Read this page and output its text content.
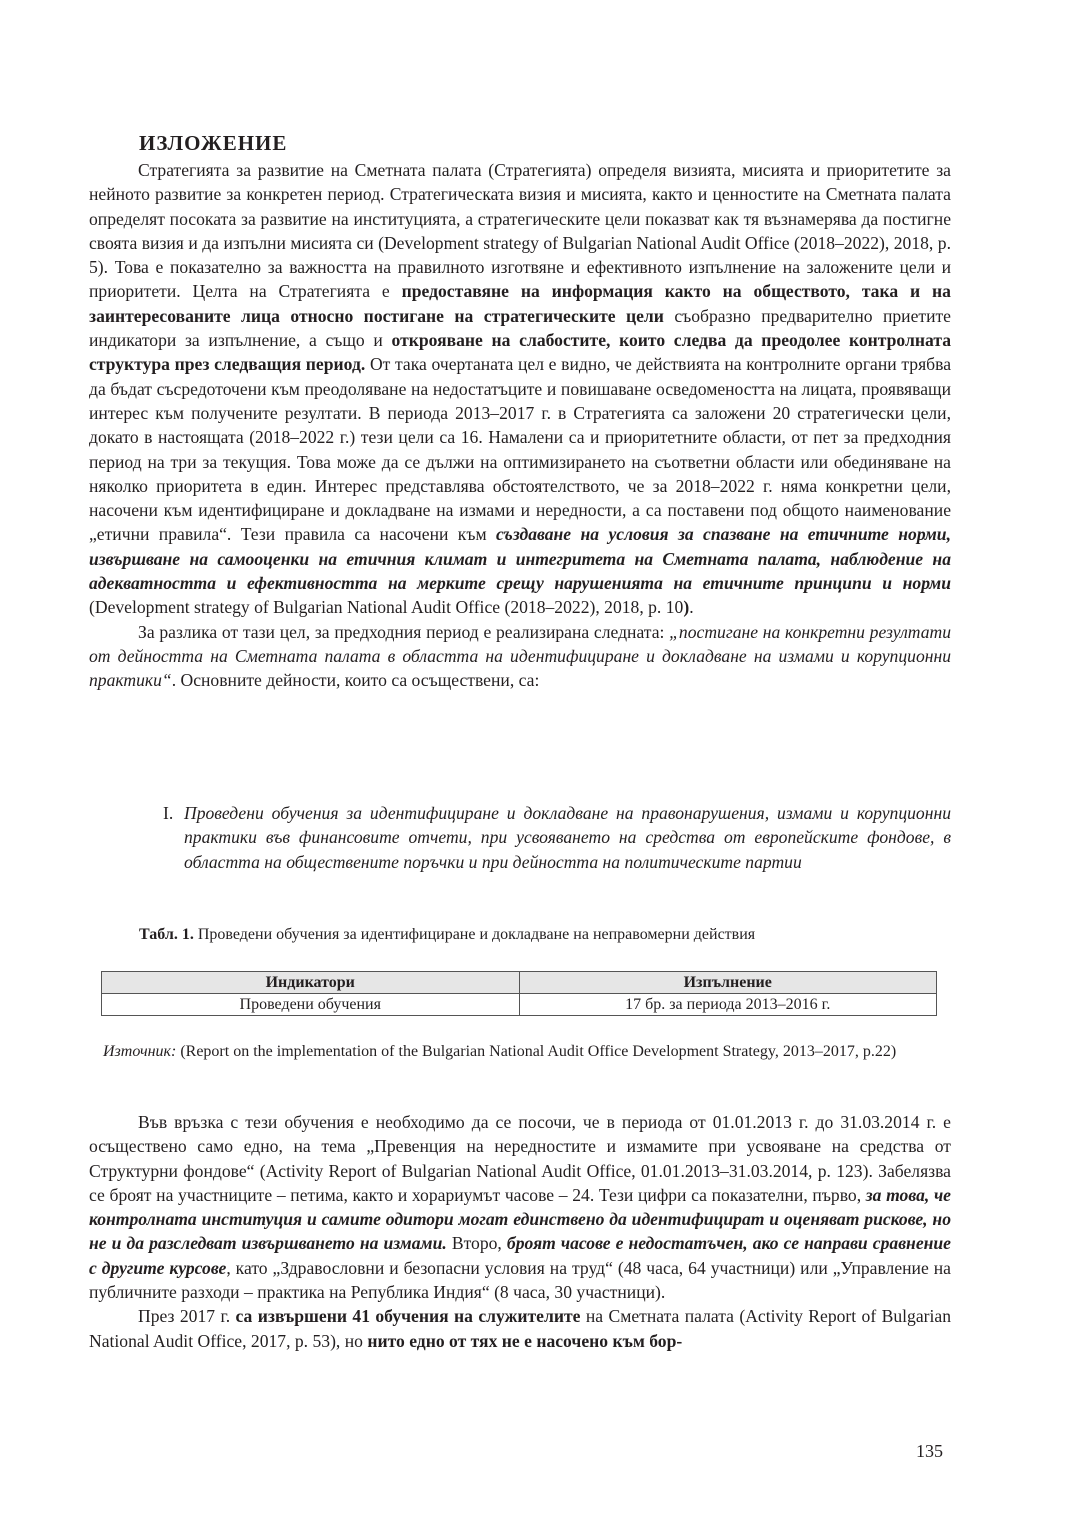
ИЗЛОЖЕНИЕ

Стратегията за развитие на Сметната палата (Стратегията) определя визията, мисията и приоритетите за нейното развитие за конкретен период. Стратегическата визия и мисията, както и ценностите на Сметната палата определят посоката за развитие на институцията, а стратегическите цели показват как тя възнамерява да постигне своята визия и да изпълни мисията си (Development strategy of Bulgarian National Audit Office (2018–2022), 2018, p. 5). Това е показателно за важността на правилното изготвяне и ефективното изпълнение на заложените цели и приоритети. Целта на Стратегията е предоставяне на информация както на обществото, така и на заинтересованите лица относно постигане на стратегическите цели съобразно предварително приетите индикатори за изпълнение, а също и открояване на слабостите, които следва да преодолее контролната структура през следващия период. От така очертаната цел е видно, че действията на контролните органи трябва да бъдат съсредоточени към преодоляване на недостатъците и повишаване осведомеността на лицата, проявяващи интерес към получените резултати. В периода 2013–2017 г. в Стратегията са заложени 20 стратегически цели, докато в настоящата (2018–2022 г.) тези цели са 16. Намалени са и приоритетните области, от пет за предходния период на три за текущия. Това може да се дължи на оптимизирането на съответни области или обединяване на няколко приоритета в един. Интерес представлява обстоятелството, че за 2018–2022 г. няма конкретни цели, насочени към идентифициране и докладване на измами и нередности, а са поставени под общото наименование „етични правила“. Тези правила са насочени към създаване на условия за спазване на етичните норми, извършване на самооценки на етичния климат и интегритета на Сметната палата, наблюдение на адекватността и ефективността на мерките срещу нарушенията на етичните принципи и норми (Development strategy of Bulgarian National Audit Office (2018–2022), 2018, p. 10).

За разлика от тази цел, за предходния период е реализирана следната: „постигане на конкретни резултати от дейността на Сметната палата в областта на идентифициране и докладване на измами и корупционни практики“. Основните дейности, които са осъществени, са:

I. Проведени обучения за идентифициране и докладване на правонарушения, измами и корупционни практики във финансовите отчети, при усвояването на средства от европейските фондове, в областта на обществените поръчки и при дейността на политическите партии
Табл. 1. Проведени обучения за идентифициране и докладване на неправомерни действия
Индикатори	Изпълнение
Проведени обучения	17 бр. за периода 2013–2016 г.
Източник: (Report on the implementation of the Bulgarian National Audit Office Development Strategy, 2013–2017, p.22)

Във връзка с тези обучения е необходимо да се посочи, че в периода от 01.01.2013 г. до 31.03.2014 г. е осъществено само едно, на тема „Превенция на нередностите и измамите при усвояване на средства от Структурни фондове“ (Activity Report of Bulgarian National Audit Office, 01.01.2013–31.03.2014, p. 123). Забелязва се броят на участниците – петима, както и хорариумът часове – 24. Тези цифри са показателни, първо, за това, че контролната институция и самите одитори могат единствено да идентифицират и оценяват рискове, но не и да разследват извършването на измами. Второ, броят часове е недостатъчен, ако се направи сравнение с другите курсове, като „Здравословни и безопасни условия на труд“ (48 часа, 64 участници) или „Управление на публичните разходи – практика на Република Индия“ (8 часа, 30 участници).

През 2017 г. са извършени 41 обучения на служителите на Сметната палата (Activity Report of Bulgarian National Audit Office, 2017, p. 53), но нито едно от тях не е насочено към бор-

135
